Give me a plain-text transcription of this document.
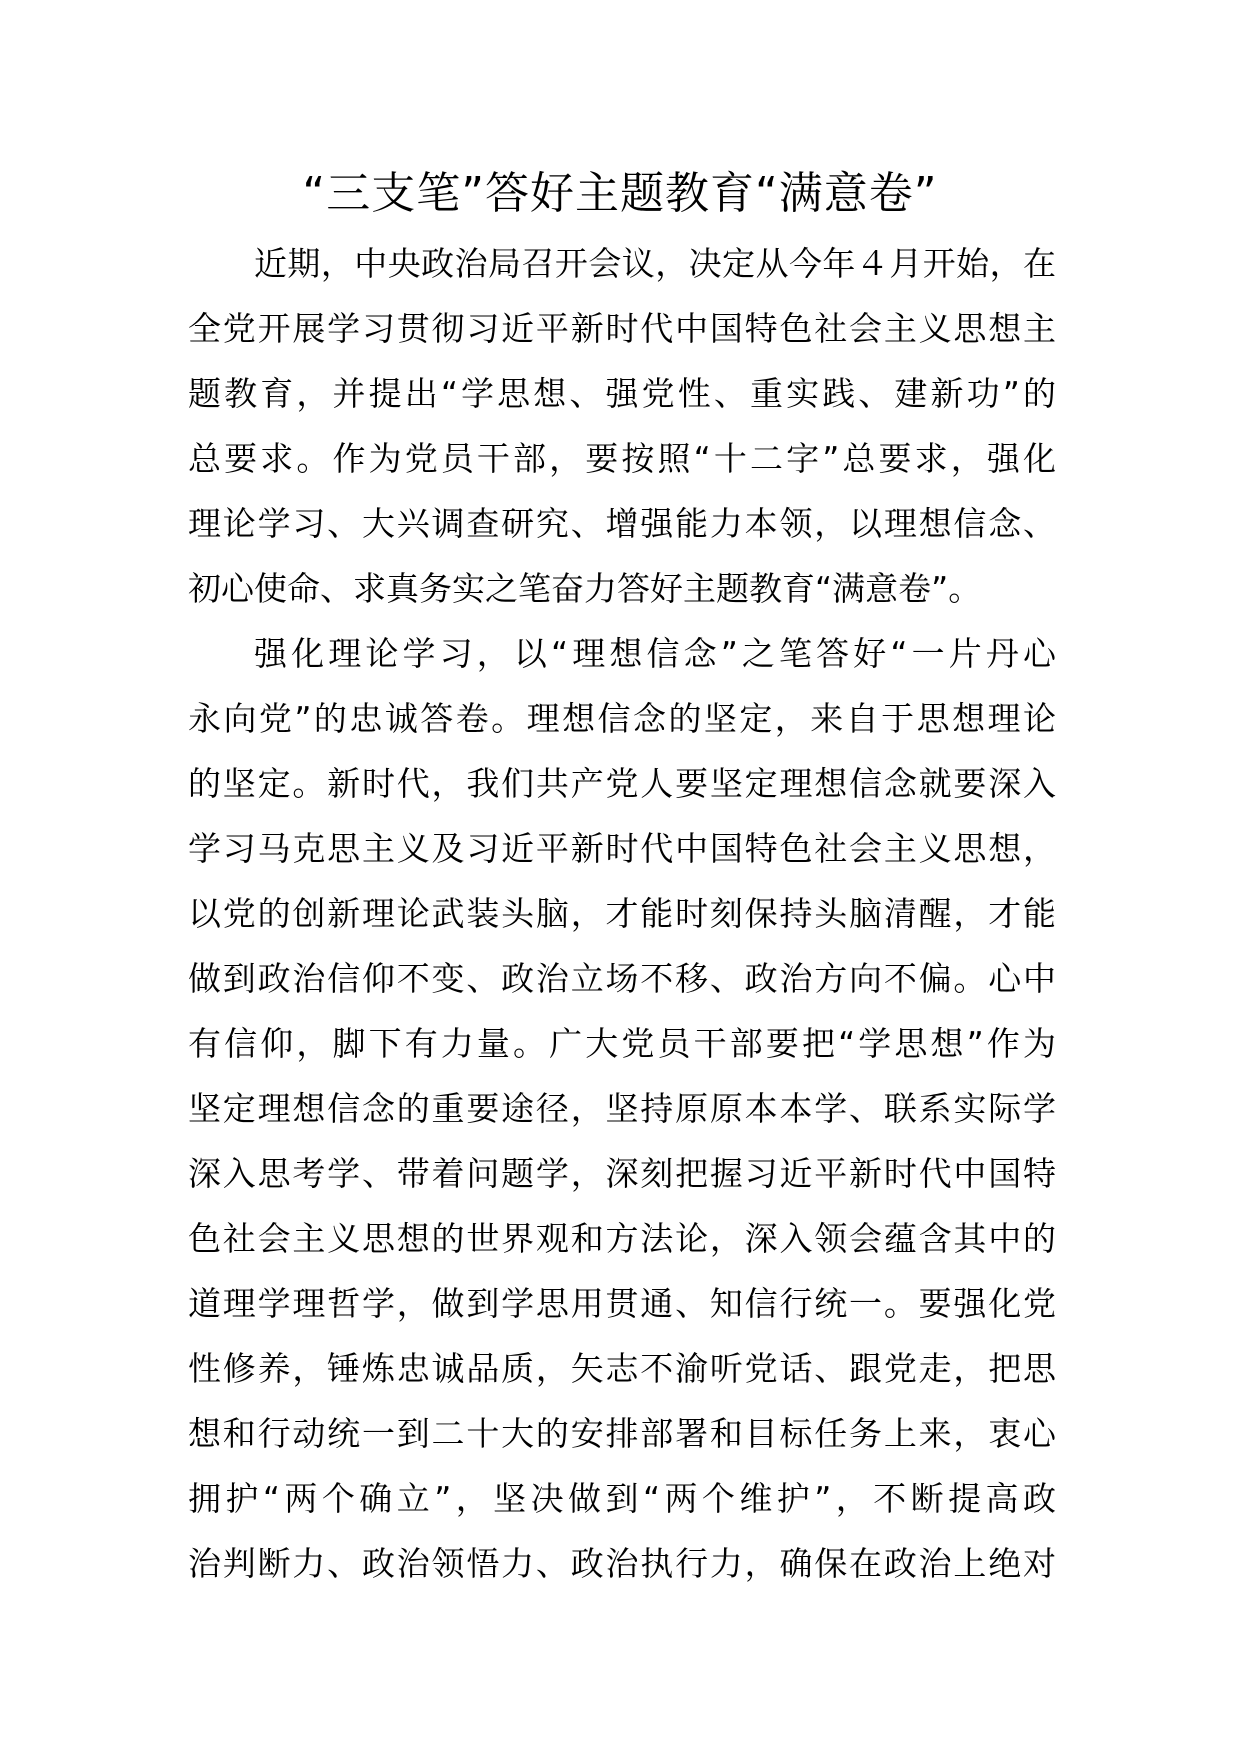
“三支笔”答好主题教育“满意卷”
近期，中央政治局召开会议，决定从今年４月开始，在
全党开展学习贯彻习近平新时代中国特色社会主义思想主
题教育，并提出“学思想、强党性、重实践、建新功”的
总要求。作为党员干部，要按照“十二字”总要求，强化
理论学习、大兴调查研究、增强能力本领，以理想信念、
初心使命、求真务实之笔奋力答好主题教育“满意卷”。
强化理论学习，以“理想信念”之笔答好“一片丹心
永向党”的忠诚答卷。理想信念的坚定，来自于思想理论
的坚定。新时代，我们共产党人要坚定理想信念就要深入
学习马克思主义及习近平新时代中国特色社会主义思想，
以党的创新理论武装头脑，才能时刻保持头脑清醒，才能
做到政治信仰不变、政治立场不移、政治方向不偏。心中
有信仰，脚下有力量。广大党员干部要把“学思想”作为
坚定理想信念的重要途径，坚持原原本本学、联系实际学
深入思考学、带着问题学，深刻把握习近平新时代中国特
色社会主义思想的世界观和方法论，深入领会蕴含其中的
道理学理哲学，做到学思用贯通、知信行统一。要强化党
性修养，锤炼忠诚品质，矢志不渝听党话、跟党走，把思
想和行动统一到二十大的安排部署和目标任务上来，衷心
拥护“两个确立”，坚决做到“两个维护”，不断提高政
治判断力、政治领悟力、政治执行力，确保在政治上绝对
